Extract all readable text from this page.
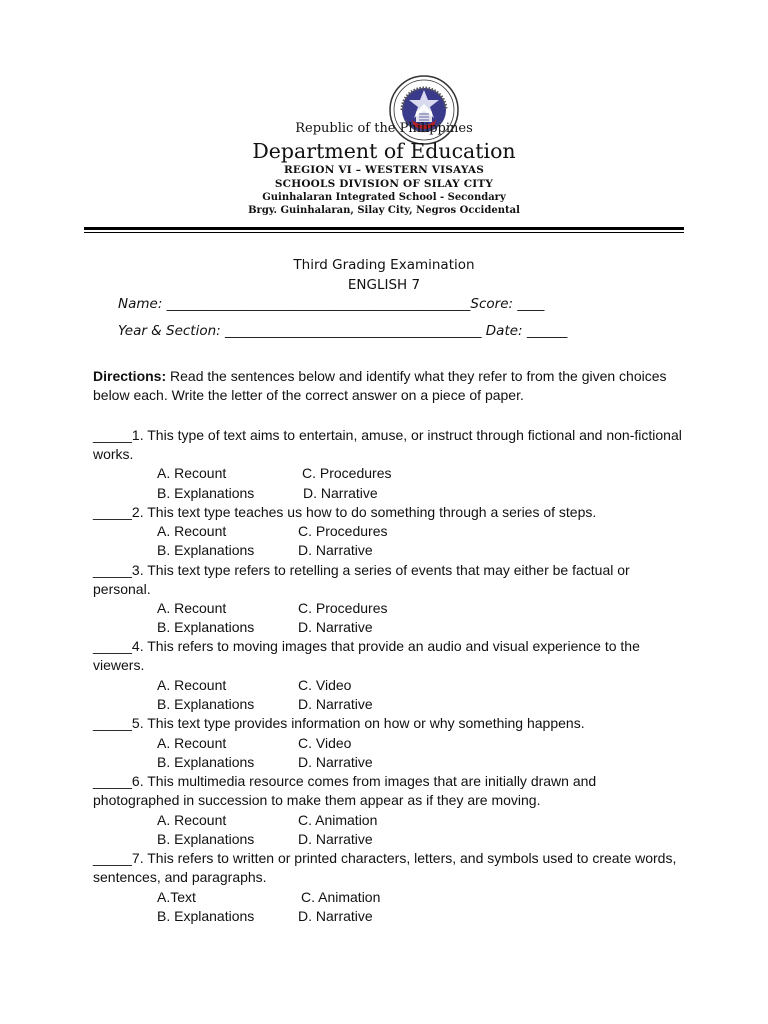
Republic of the Philippines
Department of Education
REGION VI – WESTERN VISAYAS
SCHOOLS DIVISION OF SILAY CITY
Guinhalaran Integrated School - Secondary
Brgy. Guinhalaran, Silay City, Negros Occidental
Third Grading Examination
ENGLISH 7
Name: _____________________________________________Score: ____
Year & Section: ______________________________________ Date: ______
Directions: Read the sentences below and identify what they refer to from the given choices below each. Write the letter of the correct answer on a piece of paper.
_____1. This type of text aims to entertain, amuse, or instruct through fictional and non-fictional works.
A. Recount	C. Procedures
B. Explanations	D. Narrative
_____2. This text type teaches us how to do something through a series of steps.
A. Recount	C. Procedures
B. Explanations	D. Narrative
_____3. This text type refers to retelling a series of events that may either be factual or personal.
A. Recount	C. Procedures
B. Explanations	D. Narrative
_____4. This refers to moving images that provide an audio and visual experience to the viewers.
A. Recount	C. Video
B. Explanations	D. Narrative
_____5. This text type provides information on how or why something happens.
A. Recount	C. Video
B. Explanations	D. Narrative
_____6. This multimedia resource comes from images that are initially drawn and photographed in succession to make them appear as if they are moving.
A. Recount	C. Animation
B. Explanations	D. Narrative
_____7. This refers to written or printed characters, letters, and symbols used to create words, sentences, and paragraphs.
A.Text	C. Animation
B. Explanations	D. Narrative
